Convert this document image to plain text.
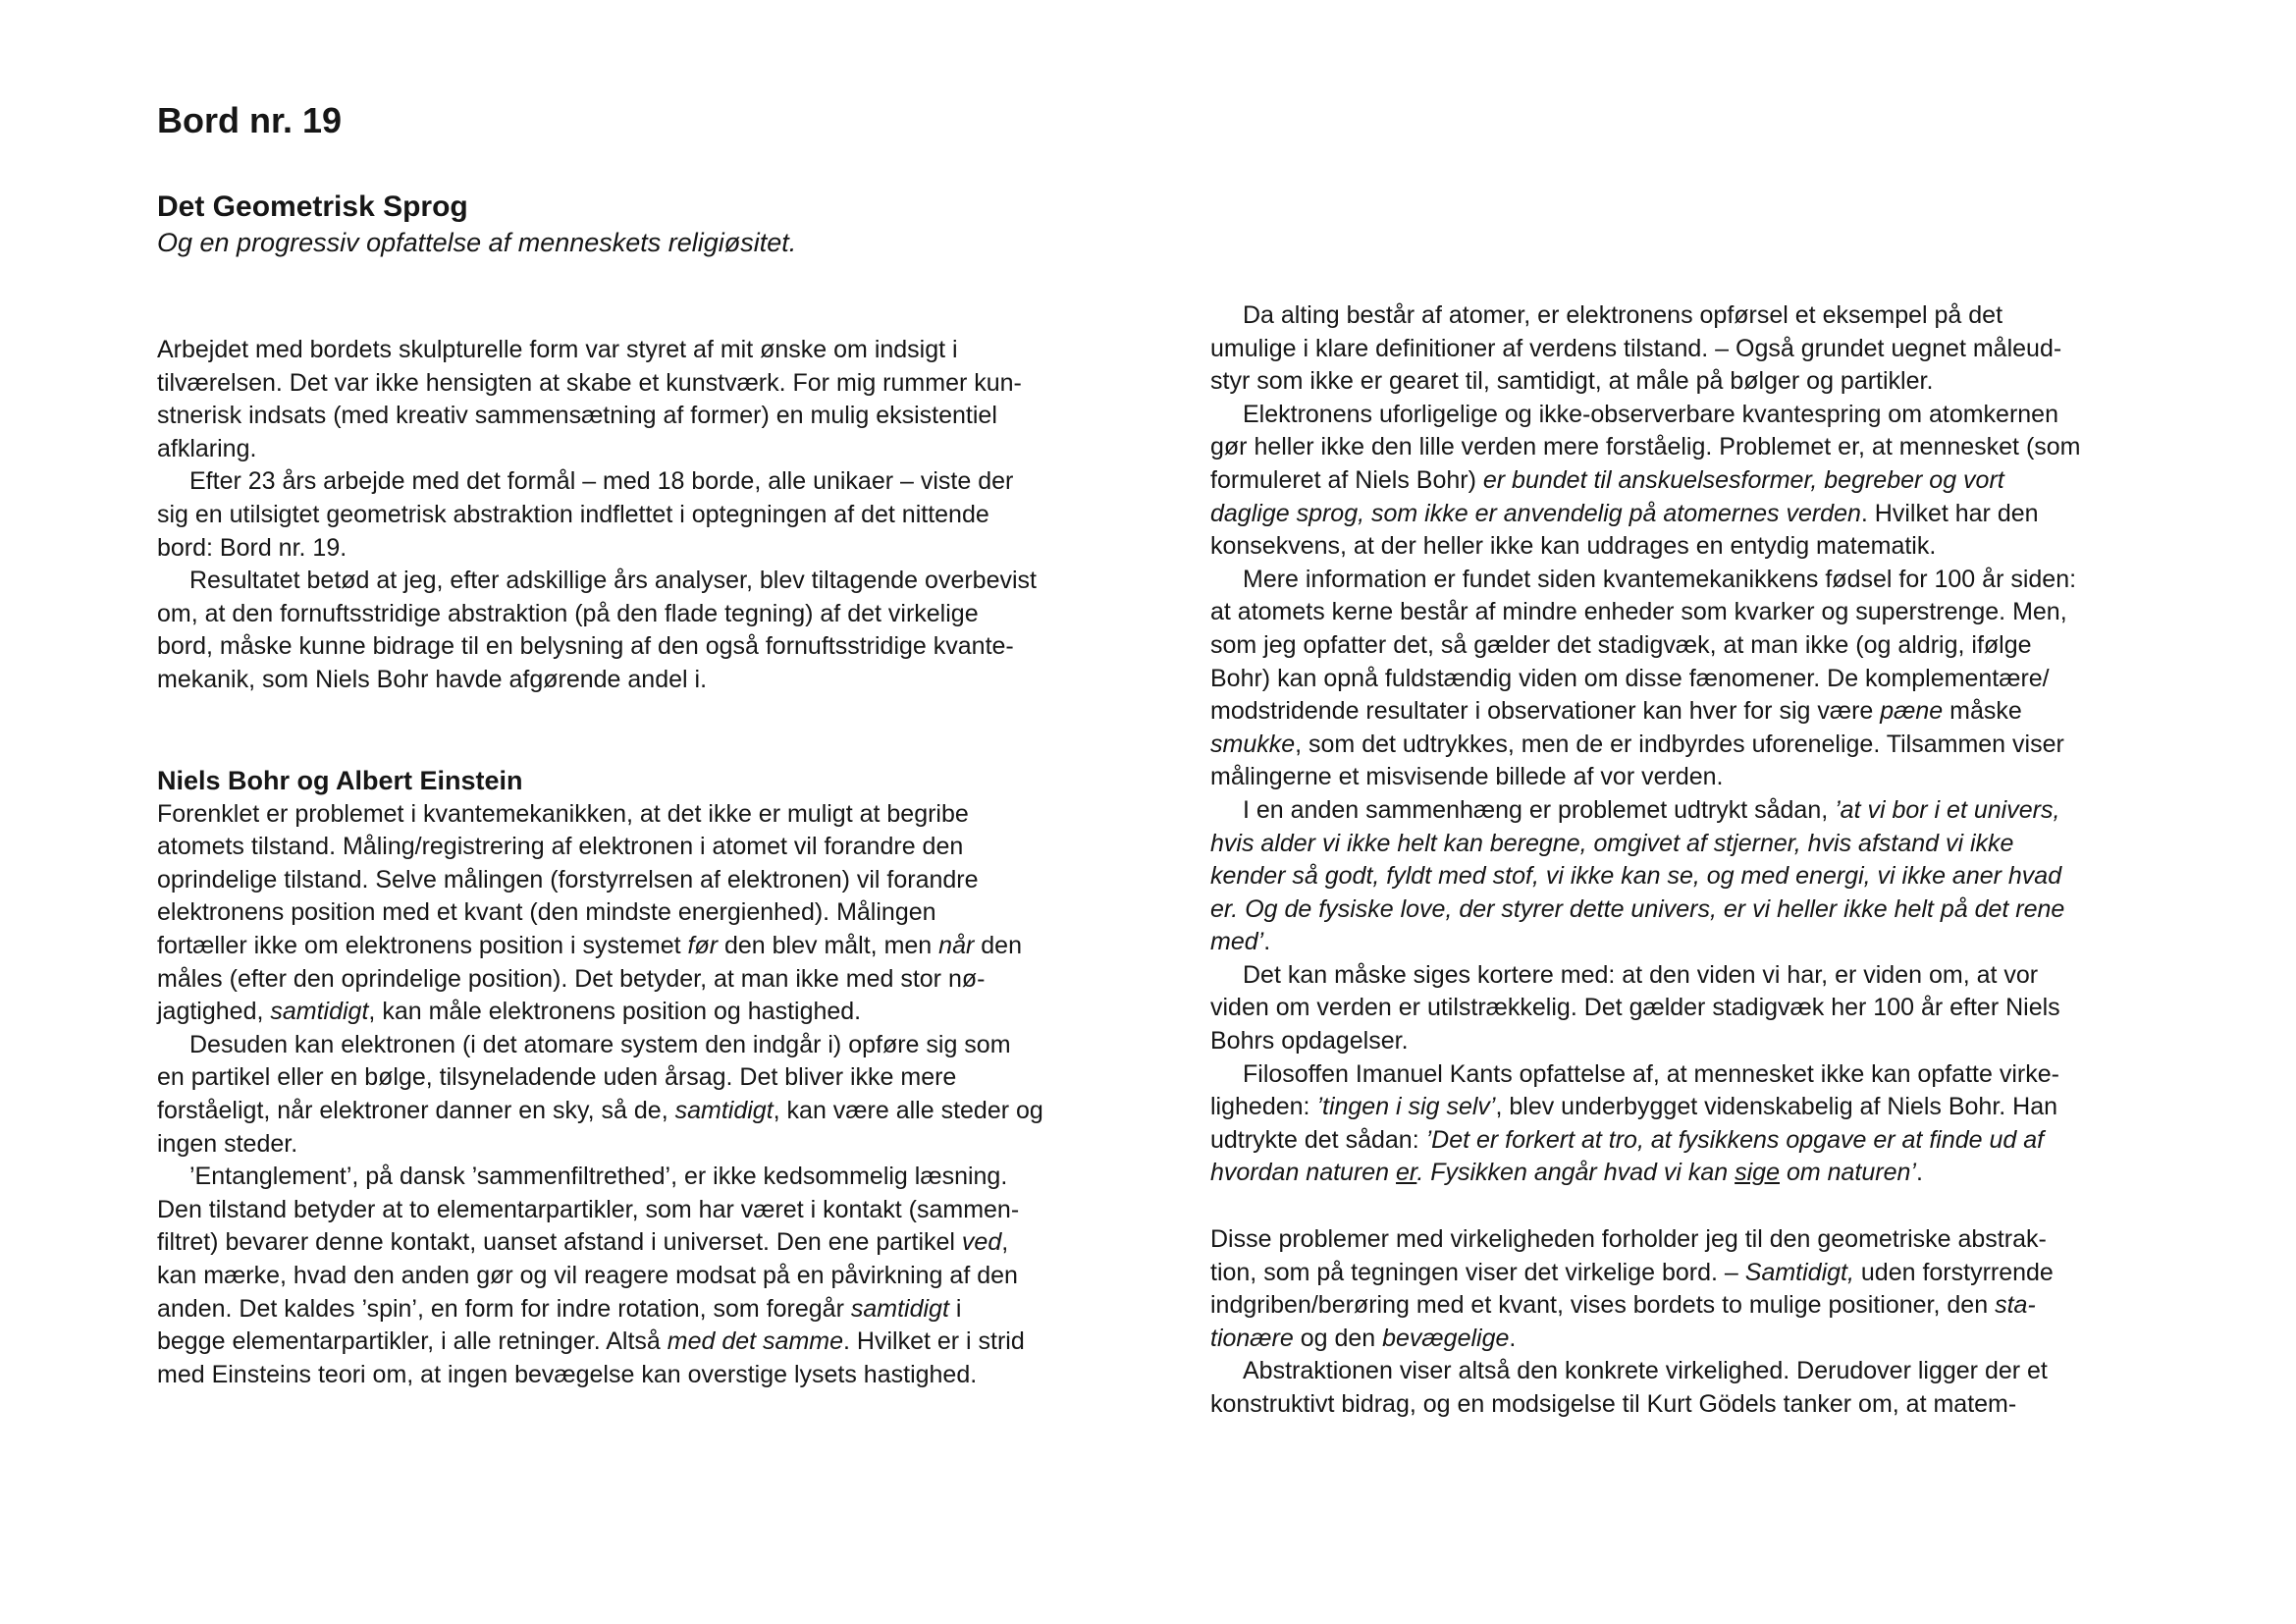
Bord nr. 19
Det Geometrisk Sprog

Og en progressiv opfattelse af menneskets religiøsitet.

Arbejdet med bordets skulpturelle form var styret af mit ønske om indsigt i
tilværelsen. Det var ikke hensigten at skabe et kunstværk. For mig rummer kun-
stnerisk indsats (med kreativ sammensætning af former) en mulig eksistentiel
afklaring.
Efter 23 års arbejde med det formål – med 18 borde, alle unikaer – viste der
sig en utilsigtet geometrisk abstraktion indflettet i optegningen af det nittende
bord: Bord nr. 19.
Resultatet betød at jeg, efter adskillige års analyser, blev tiltagende overbevist
om, at den fornuftsstridige abstraktion (på den flade tegning) af det virkelige
bord, måske kunne bidrage til en belysning af den også fornuftsstridige kvante-
mekanik, som Niels Bohr havde afgørende andel i.
Niels Bohr og Albert Einstein
Forenklet er problemet i kvantemekanikken, at det ikke er muligt at begribe
atomets tilstand. Måling/registrering af elektronen i atomet vil forandre den
oprindelige tilstand. Selve målingen (forstyrrelsen af elektronen) vil forandre
elektronens position med et kvant (den mindste energienhed). Målingen
fortæller ikke om elektronens position i systemet før den blev målt, men når den
måles (efter den oprindelige position). Det betyder, at man ikke med stor nø-
jagtighed, samtidigt, kan måle elektronens position og hastighed.
Desuden kan elektronen (i det atomare system den indgår i) opføre sig som
en partikel eller en bølge, tilsyneladende uden årsag. Det bliver ikke mere
forståeligt, når elektroner danner en sky, så de, samtidigt, kan være alle steder og
ingen steder.
’Entanglement’, på dansk ’sammenfiltrethed’, er ikke kedsommelig læsning.
Den tilstand betyder at to elementarpartikler, som har været i kontakt (sammen-
filtret) bevarer denne kontakt, uanset afstand i universet. Den ene partikel ved,
kan mærke, hvad den anden gør og vil reagere modsat på en påvirkning af den
anden. Det kaldes ’spin’, en form for indre rotation, som foregår samtidigt i
begge elementarpartikler, i alle retninger. Altså med det samme. Hvilket er i strid
med Einsteins teori om, at ingen bevægelse kan overstige lysets hastighed.
Da alting består af atomer, er elektronens opførsel et eksempel på det
umulige i klare definitioner af verdens tilstand. – Også grundet uegnet måleud-
styr som ikke er gearet til, samtidigt, at måle på bølger og partikler.
Elektronens uforligelige og ikke-observerbare kvantespring om atomkernen
gør heller ikke den lille verden mere forståelig. Problemet er, at mennesket (som
formuleret af Niels Bohr) er bundet til anskuelsesformer, begreber og vort
daglige sprog, som ikke er anvendelig på atomernes verden. Hvilket har den
konsekvens, at der heller ikke kan uddrages en entydig matematik.
Mere information er fundet siden kvantemekanikkens fødsel for 100 år siden:
at atomets kerne består af mindre enheder som kvarker og superstrenge. Men,
som jeg opfatter det, så gælder det stadigvæk, at man ikke (og aldrig, ifølge
Bohr) kan opnå fuldstændig viden om disse fænomener. De komplementære/
modstridende resultater i observationer kan hver for sig være pæne måske
smukke, som det udtrykkes, men de er indbyrdes uforenelige. Tilsammen viser
målingerne et misvisende billede af vor verden.
I en anden sammenhæng er problemet udtrykt sådan, ’at vi bor i et univers,
hvis alder vi ikke helt kan beregne, omgivet af stjerner, hvis afstand vi ikke
kender så godt, fyldt med stof, vi ikke kan se, og med energi, vi ikke aner hvad
er. Og de fysiske love, der styrer dette univers, er vi heller ikke helt på det rene
med’.
Det kan måske siges kortere med: at den viden vi har, er viden om, at vor
viden om verden er utilstrækkelig. Det gælder stadigvæk her 100 år efter Niels
Bohrs opdagelser.
Filosoffen Imanuel Kants opfattelse af, at mennesket ikke kan opfatte virke-
ligheden: ’tingen i sig selv’, blev underbygget videnskabelig af Niels Bohr. Han
udtrykte det sådan: ’Det er forkert at tro, at fysikkens opgave er at finde ud af
hvordan naturen er. Fysikken angår hvad vi kan sige om naturen’.
Disse problemer med virkeligheden forholder jeg til den geometriske abstrak-
tion, som på tegningen viser det virkelige bord. – Samtidigt, uden forstyrrende
indgriben/berøring med et kvant, vises bordets to mulige positioner, den sta-
tionære og den bevægelige.
Abstraktionen viser altså den konkrete virkelighed. Derudover ligger der et
konstruktivt bidrag, og en modsigelse til Kurt Gödels tanker om, at matem-
